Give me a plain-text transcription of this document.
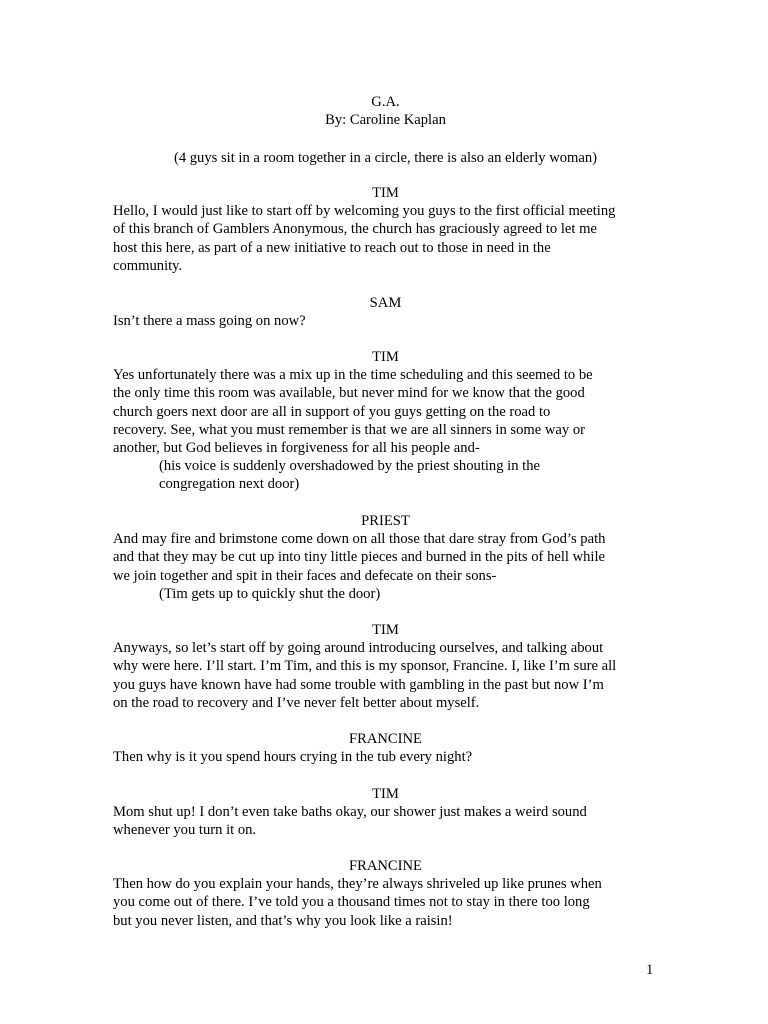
G.A.
By: Caroline Kaplan
(4 guys sit in a room together in a circle, there is also an elderly woman)
TIM
Hello, I would just like to start off by welcoming you guys to the first official meeting
of this branch of Gamblers Anonymous, the church has graciously agreed to let me
host this here, as part of a new initiative to reach out to those in need in the
community.
SAM
Isn’t there a mass going on now?
TIM
Yes unfortunately there was a mix up in the time scheduling and this seemed to be
the only time this room was available, but never mind for we know that the good
church goers next door are all in support of you guys getting on the road to
recovery. See, what you must remember is that we are all sinners in some way or
another, but God believes in forgiveness for all his people and-
(his voice is suddenly overshadowed by the priest shouting in the
congregation next door)
PRIEST
And may fire and brimstone come down on all those that dare stray from God’s path
and that they may be cut up into tiny little pieces and burned in the pits of hell while
we join together and spit in their faces and defecate on their sons-
(Tim gets up to quickly shut the door)
TIM
Anyways, so let’s start off by going around introducing ourselves, and talking about
why were here. I’ll start. I’m Tim, and this is my sponsor, Francine. I, like I’m sure all
you guys have known have had some trouble with gambling in the past but now I’m
on the road to recovery and I’ve never felt better about myself.
FRANCINE
Then why is it you spend hours crying in the tub every night?
TIM
Mom shut up! I don’t even take baths okay, our shower just makes a weird sound
whenever you turn it on.
FRANCINE
Then how do you explain your hands, they’re always shriveled up like prunes when
you come out of there. I’ve told you a thousand times not to stay in there too long
but you never listen, and that’s why you look like a raisin!
1
